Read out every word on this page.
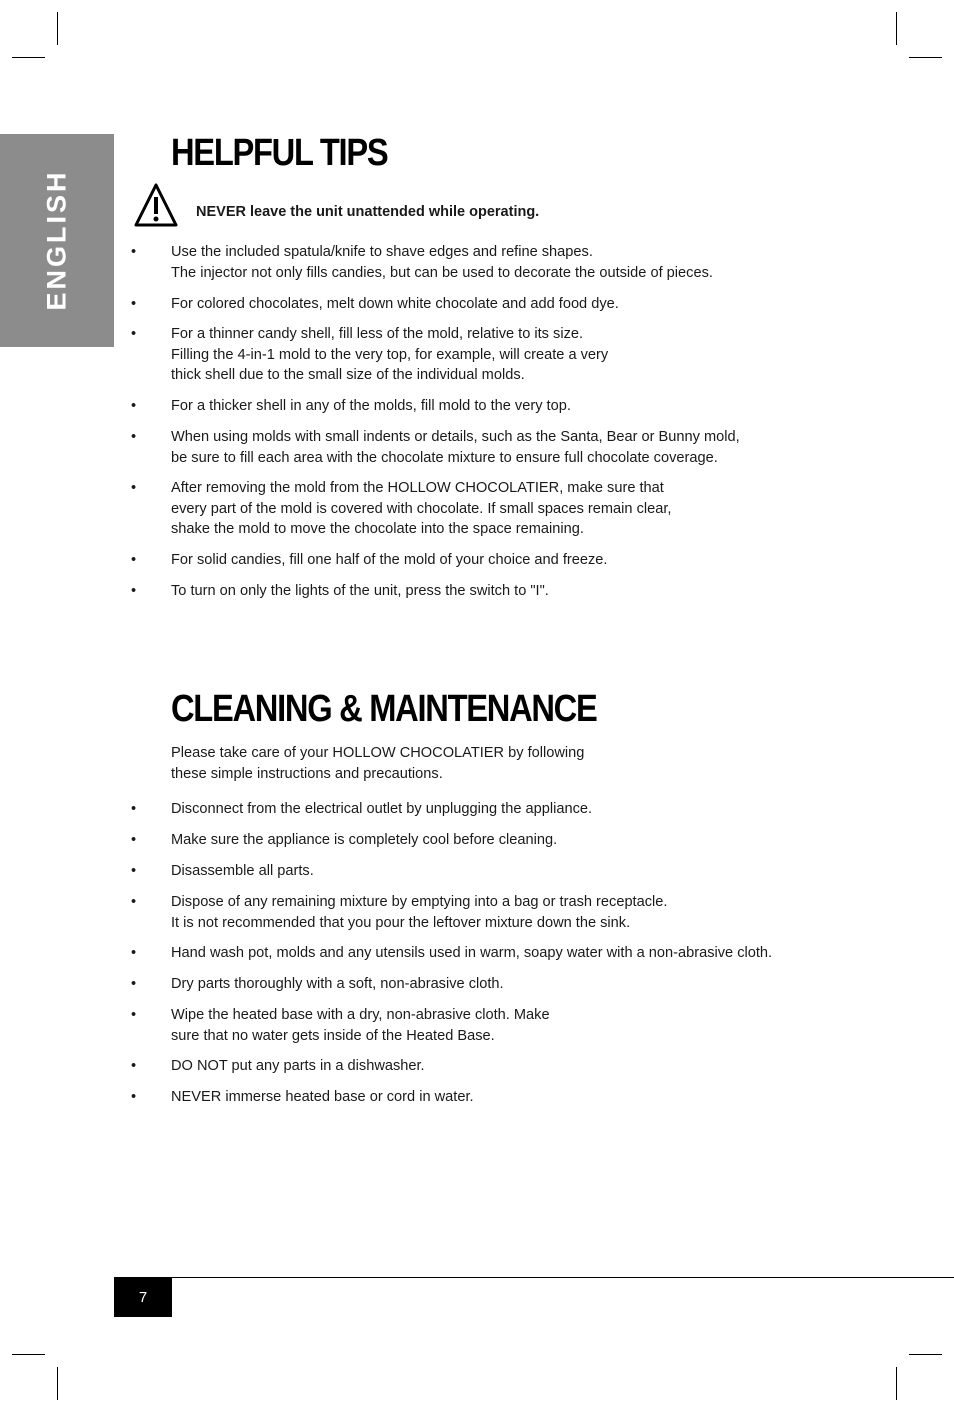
ENGLISH
HELPFUL TIPS
NEVER leave the unit unattended while operating.
• Use the included spatula/knife to shave edges and refine shapes.
The injector not only fills candies, but can be used to decorate the outside of pieces.
• For colored chocolates, melt down white chocolate and add food dye.
• For a thinner candy shell, fill less of the mold, relative to its size.
Filling the 4-in-1 mold to the very top, for example, will create a very
thick shell due to the small size of the individual molds.
• For a thicker shell in any of the molds, fill mold to the very top.
• When using molds with small indents or details, such as the Santa, Bear or Bunny mold,
be sure to fill each area with the chocolate mixture to ensure full chocolate coverage.
• After removing the mold from the HOLLOW CHOCOLATIER, make sure that
every part of the mold is covered with chocolate. If small spaces remain clear,
shake the mold to move the chocolate into the space remaining.
• For solid candies, fill one half of the mold of your choice and freeze.
• To turn on only the lights of the unit, press the switch to "I".
CLEANING & MAINTENANCE
Please take care of your HOLLOW CHOCOLATIER by following
these simple instructions and precautions.
• Disconnect from the electrical outlet by unplugging the appliance.
• Make sure the appliance is completely cool before cleaning.
• Disassemble all parts.
• Dispose of any remaining mixture by emptying into a bag or trash receptacle.
It is not recommended that you pour the leftover mixture down the sink.
• Hand wash pot, molds and any utensils used in warm, soapy water with a non-abrasive cloth.
• Dry parts thoroughly with a soft, non-abrasive cloth.
• Wipe the heated base with a dry, non-abrasive cloth. Make
sure that no water gets inside of the Heated Base.
• DO NOT put any parts in a dishwasher.
• NEVER immerse heated base or cord in water.
7
